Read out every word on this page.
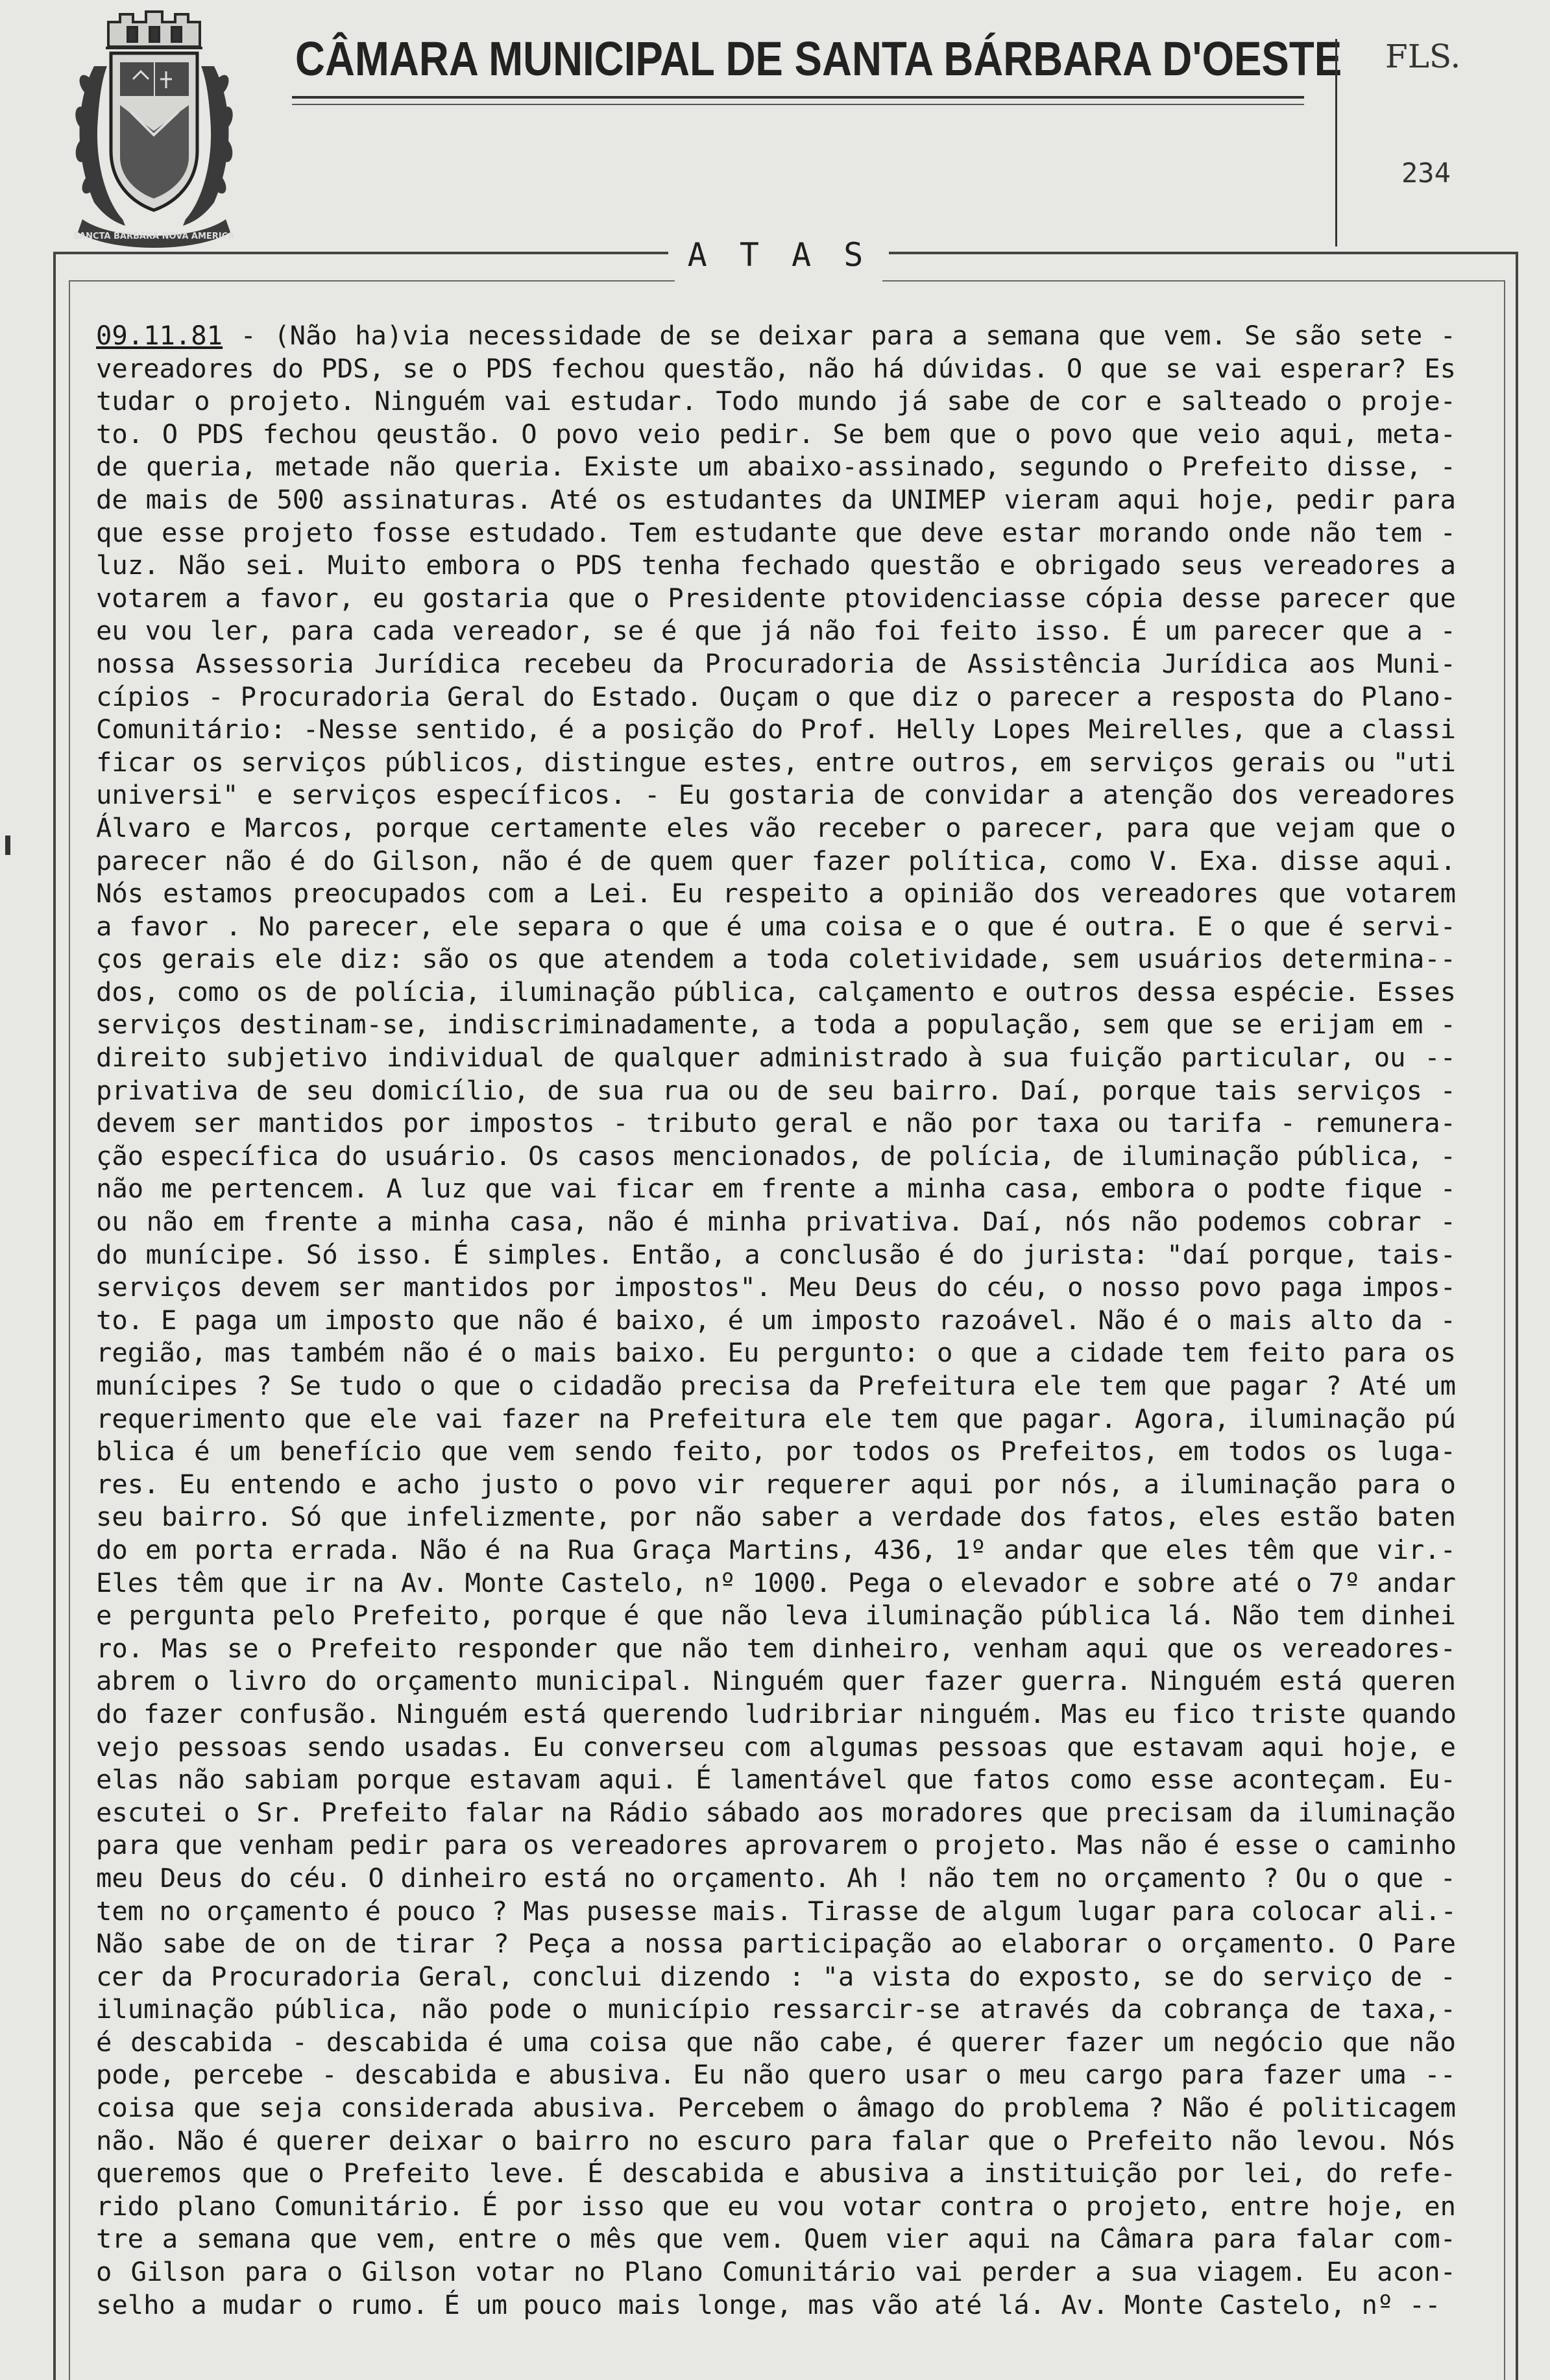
SANCTA BARBARA NOVA AMERICA
CÂMARA MUNICIPAL DE SANTA BÁRBARA D'OESTE FLS.
234
A T A S
09.11.81 - (Não ha)via necessidade de se deixar para a semana que vem. Se são sete -
vereadores do PDS, se o PDS fechou questão, não há dúvidas. O que se vai esperar? Es
tudar o projeto. Ninguém vai estudar. Todo mundo já sabe de cor e salteado o proje-
to. O PDS fechou qeustão. O povo veio pedir. Se bem que o povo que veio aqui, meta-
de queria, metade não queria. Existe um abaixo-assinado, segundo o Prefeito disse, -
de mais de 500 assinaturas. Até os estudantes da UNIMEP vieram aqui hoje, pedir para
que esse projeto fosse estudado. Tem estudante que deve estar morando onde não tem -
luz. Não sei. Muito embora o PDS tenha fechado questão e obrigado seus vereadores a
votarem a favor, eu gostaria que o Presidente ptovidenciasse cópia desse parecer que
eu vou ler, para cada vereador, se é que já não foi feito isso. É um parecer que a -
nossa Assessoria Jurídica recebeu da Procuradoria de Assistência Jurídica aos Muni-
cípios - Procuradoria Geral do Estado. Ouçam o que diz o parecer a resposta do Plano-
Comunitário: -Nesse sentido, é a posição do Prof. Helly Lopes Meirelles, que a classi
ficar os serviços públicos, distingue estes, entre outros, em serviços gerais ou "uti
universi" e serviços específicos. - Eu gostaria de convidar a atenção dos vereadores
Álvaro e Marcos, porque certamente eles vão receber o parecer, para que vejam que o
parecer não é do Gilson, não é de quem quer fazer política, como V. Exa. disse aqui.
Nós estamos preocupados com a Lei. Eu respeito a opinião dos vereadores que votarem
a favor . No parecer, ele separa o que é uma coisa e o que é outra. E o que é servi-
ços gerais ele diz: são os que atendem a toda coletividade, sem usuários determina--
dos, como os de polícia, iluminação pública, calçamento e outros dessa espécie. Esses
serviços destinam-se, indiscriminadamente, a toda a população, sem que se erijam em -
direito subjetivo individual de qualquer administrado à sua fuição particular, ou --
privativa de seu domicílio, de sua rua ou de seu bairro. Daí, porque tais serviços -
devem ser mantidos por impostos - tributo geral e não por taxa ou tarifa - remunera-
ção específica do usuário. Os casos mencionados, de polícia, de iluminação pública, -
não me pertencem. A luz que vai ficar em frente a minha casa, embora o podte fique -
ou não em frente a minha casa, não é minha privativa. Daí, nós não podemos cobrar -
do munícipe. Só isso. É simples. Então, a conclusão é do jurista: "daí porque, tais-
serviços devem ser mantidos por impostos". Meu Deus do céu, o nosso povo paga impos-
to. E paga um imposto que não é baixo, é um imposto razoável. Não é o mais alto da -
região, mas também não é o mais baixo. Eu pergunto: o que a cidade tem feito para os
munícipes ? Se tudo o que o cidadão precisa da Prefeitura ele tem que pagar ? Até um
requerimento que ele vai fazer na Prefeitura ele tem que pagar. Agora, iluminação pú
blica é um benefício que vem sendo feito, por todos os Prefeitos, em todos os luga-
res. Eu entendo e acho justo o povo vir requerer aqui por nós, a iluminação para o
seu bairro. Só que infelizmente, por não saber a verdade dos fatos, eles estão baten
do em porta errada. Não é na Rua Graça Martins, 436, 1º andar que eles têm que vir.-
Eles têm que ir na Av. Monte Castelo, nº 1000. Pega o elevador e sobre até o 7º andar
e pergunta pelo Prefeito, porque é que não leva iluminação pública lá. Não tem dinhei
ro. Mas se o Prefeito responder que não tem dinheiro, venham aqui que os vereadores-
abrem o livro do orçamento municipal. Ninguém quer fazer guerra. Ninguém está queren
do fazer confusão. Ninguém está querendo ludribriar ninguém. Mas eu fico triste quando
vejo pessoas sendo usadas. Eu converseu com algumas pessoas que estavam aqui hoje, e
elas não sabiam porque estavam aqui. É lamentável que fatos como esse aconteçam. Eu-
escutei o Sr. Prefeito falar na Rádio sábado aos moradores que precisam da iluminação
para que venham pedir para os vereadores aprovarem o projeto. Mas não é esse o caminho
meu Deus do céu. O dinheiro está no orçamento. Ah ! não tem no orçamento ? Ou o que -
tem no orçamento é pouco ? Mas pusesse mais. Tirasse de algum lugar para colocar ali.-
Não sabe de on de tirar ? Peça a nossa participação ao elaborar o orçamento. O Pare
cer da Procuradoria Geral, conclui dizendo : "a vista do exposto, se do serviço de -
iluminação pública, não pode o município ressarcir-se através da cobrança de taxa,-
é descabida - descabida é uma coisa que não cabe, é querer fazer um negócio que não
pode, percebe - descabida e abusiva. Eu não quero usar o meu cargo para fazer uma --
coisa que seja considerada abusiva. Percebem o âmago do problema ? Não é politicagem
não. Não é querer deixar o bairro no escuro para falar que o Prefeito não levou. Nós
queremos que o Prefeito leve. É descabida e abusiva a instituição por lei, do refe-
rido plano Comunitário. É por isso que eu vou votar contra o projeto, entre hoje, en
tre a semana que vem, entre o mês que vem. Quem vier aqui na Câmara para falar com-
o Gilson para o Gilson votar no Plano Comunitário vai perder a sua viagem. Eu acon-
selho a mudar o rumo. É um pouco mais longe, mas vão até lá. Av. Monte Castelo, nº --
